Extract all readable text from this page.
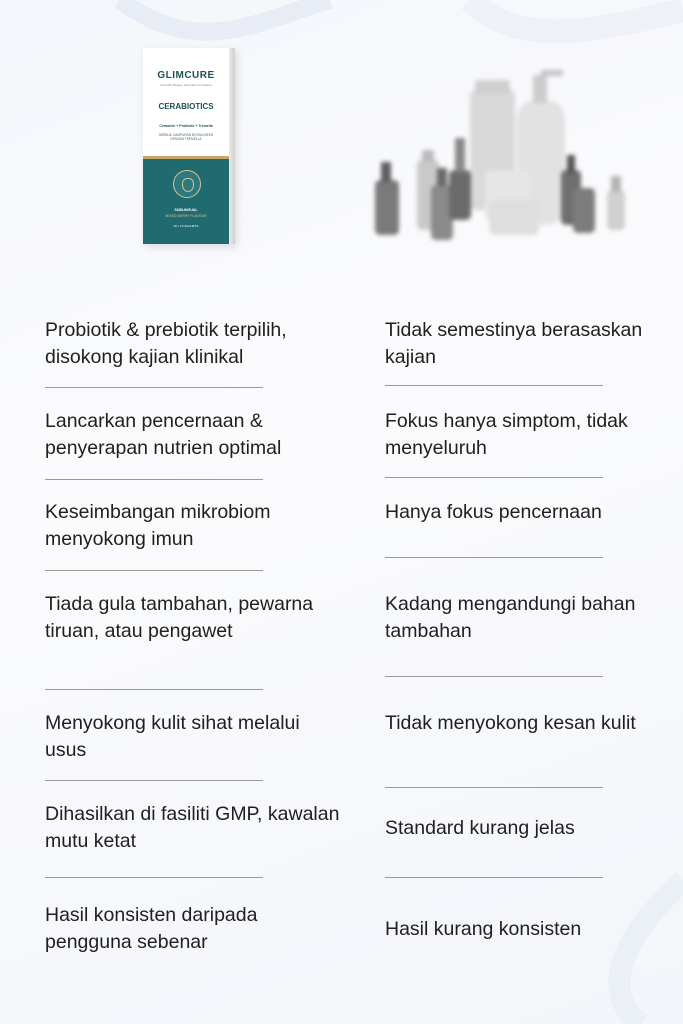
GLIMCURE
Scientific Beauty, Naturally Formulated
CERABIOTICS
Ceramide + Probiotic + Tremella
SERBUK CAMPURAN BOTANI BEEN DENGAN TREMELLA
SUBLINGUAL
MIXED BERRY FLAVOUR
30 x 10 SACHETS
Probiotik & prebiotik terpilih, disokong kajian klinikal
Lancarkan pencernaan & penyerapan nutrien optimal
Keseimbangan mikrobiom menyokong imun
Tiada gula tambahan, pewarna tiruan, atau pengawet
Menyokong kulit sihat melalui usus
Dihasilkan di fasiliti GMP, kawalan mutu ketat
Hasil konsisten daripada pengguna sebenar
Tidak semestinya berasaskan kajian
Fokus hanya simptom, tidak menyeluruh
Hanya fokus pencernaan
Kadang mengandungi bahan tambahan
Tidak menyokong kesan kulit
Standard kurang jelas
Hasil kurang konsisten
